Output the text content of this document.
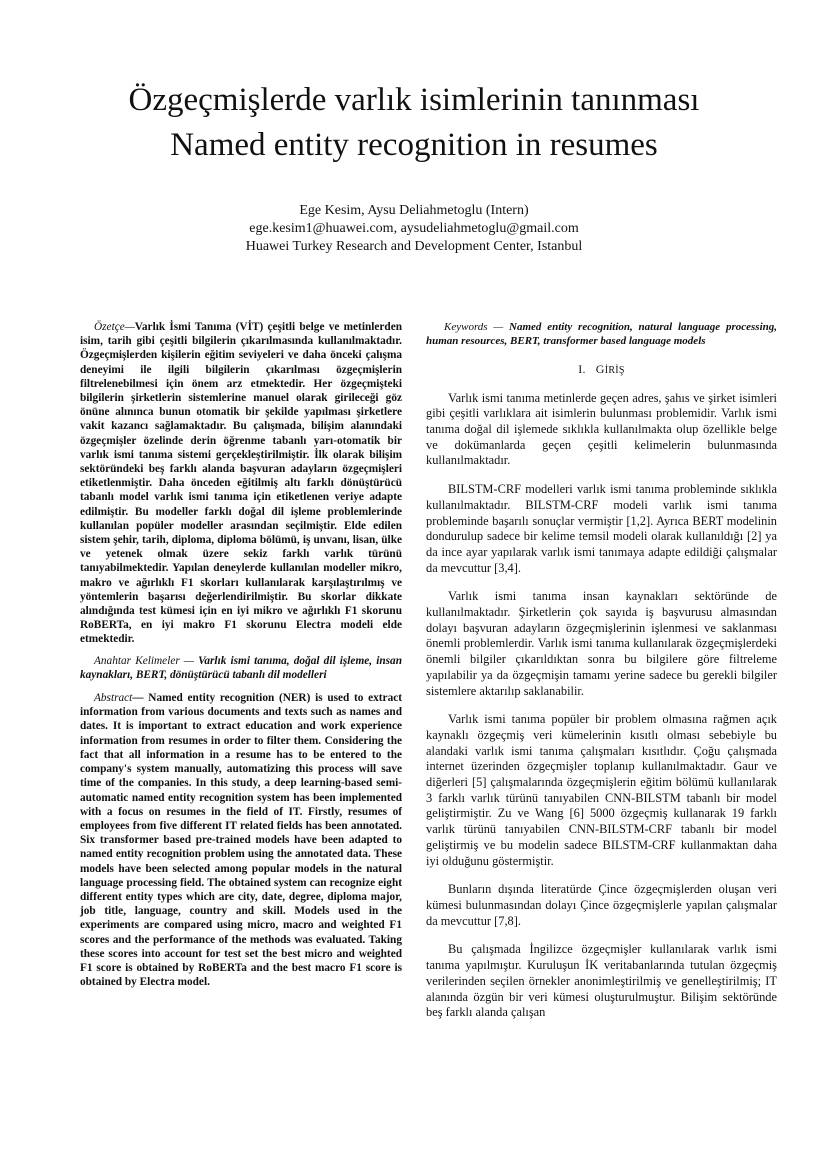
Özgeçmişlerde varlık isimlerinin tanınması
Named entity recognition in resumes
Ege Kesim, Aysu Deliahmetoglu (Intern)
ege.kesim1@huawei.com, aysudeliahmetoglu@gmail.com
Huawei Turkey Research and Development Center, Istanbul

Özetçe—Varlık İsmi Tanıma (VİT) çeşitli belge ve metinlerden isim, tarih gibi çeşitli bilgilerin çıkarılmasında kullanılmaktadır. Özgeçmişlerden kişilerin eğitim seviyeleri ve daha önceki çalışma deneyimi ile ilgili bilgilerin çıkarılması özgeçmişlerin filtrelenebilmesi için önem arz etmektedir. Her özgeçmişteki bilgilerin şirketlerin sistemlerine manuel olarak girileceği göz önüne alınınca bunun otomatik bir şekilde yapılması şirketlere vakit kazancı sağlamaktadır. Bu çalışmada, bilişim alanındaki özgeçmişler özelinde derin öğrenme tabanlı yarı-otomatik bir varlık ismi tanıma sistemi gerçekleştirilmiştir. İlk olarak bilişim sektöründeki beş farklı alanda başvuran adayların özgeçmişleri etiketlenmiştir. Daha önceden eğitilmiş altı farklı dönüştürücü tabanlı model varlık ismi tanıma için etiketlenen veriye adapte edilmiştir. Bu modeller farklı doğal dil işleme problemlerinde kullanılan popüler modeller arasından seçilmiştir. Elde edilen sistem şehir, tarih, diploma, diploma bölümü, iş unvanı, lisan, ülke ve yetenek olmak üzere sekiz farklı varlık türünü tanıyabilmektedir. Yapılan deneylerde kullanılan modeller mikro, makro ve ağırlıklı F1 skorları kullanılarak karşılaştırılmış ve yöntemlerin başarısı değerlendirilmiştir. Bu skorlar dikkate alındığında test kümesi için en iyi mikro ve ağırlıklı F1 skorunu RoBERTa, en iyi makro F1 skorunu Electra modeli elde etmektedir.

Anahtar Kelimeler — Varlık ismi tanıma, doğal dil işleme, insan kaynakları, BERT, dönüştürücü tabanlı dil modelleri

Abstract— Named entity recognition (NER) is used to extract information from various documents and texts such as names and dates. It is important to extract education and work experience information from resumes in order to filter them. Considering the fact that all information in a resume has to be entered to the company's system manually, automatizing this process will save time of the companies. In this study, a deep learning-based semi-automatic named entity recognition system has been implemented with a focus on resumes in the field of IT. Firstly, resumes of employees from five different IT related fields has been annotated. Six transformer based pre-trained models have been adapted to named entity recognition problem using the annotated data. These models have been selected among popular models in the natural language processing field. The obtained system can recognize eight different entity types which are city, date, degree, diploma major, job title, language, country and skill. Models used in the experiments are compared using micro, macro and weighted F1 scores and the performance of the methods was evaluated. Taking these scores into account for test set the best micro and weighted F1 score is obtained by RoBERTa and the best macro F1 score is obtained by Electra model.

Keywords — Named entity recognition, natural language processing, human resources, BERT, transformer based language models

I. GİRİŞ

Varlık ismi tanıma metinlerde geçen adres, şahıs ve şirket isimleri gibi çeşitli varlıklara ait isimlerin bulunması problemidir. Varlık ismi tanıma doğal dil işlemede sıklıkla kullanılmakta olup özellikle belge ve dokümanlarda geçen çeşitli kelimelerin bulunmasında kullanılmaktadır.

BILSTM-CRF modelleri varlık ismi tanıma probleminde sıklıkla kullanılmaktadır. BILSTM-CRF modeli varlık ismi tanıma probleminde başarılı sonuçlar vermiştir [1,2]. Ayrıca BERT modelinin dondurulup sadece bir kelime temsil modeli olarak kullanıldığı [2] ya da ince ayar yapılarak varlık ismi tanımaya adapte edildiği çalışmalar da mevcuttur [3,4].

Varlık ismi tanıma insan kaynakları sektöründe de kullanılmaktadır. Şirketlerin çok sayıda iş başvurusu almasından dolayı başvuran adayların özgeçmişlerinin işlenmesi ve saklanması önemli problemlerdir. Varlık ismi tanıma kullanılarak özgeçmişlerdeki önemli bilgiler çıkarıldıktan sonra bu bilgilere göre filtreleme yapılabilir ya da özgeçmişin tamamı yerine sadece bu gerekli bilgiler sistemlere aktarılıp saklanabilir.

Varlık ismi tanıma popüler bir problem olmasına rağmen açık kaynaklı özgeçmiş veri kümelerinin kısıtlı olması sebebiyle bu alandaki varlık ismi tanıma çalışmaları kısıtlıdır. Çoğu çalışmada internet üzerinden özgeçmişler toplanıp kullanılmaktadır. Gaur ve diğerleri [5] çalışmalarında özgeçmişlerin eğitim bölümü kullanılarak 3 farklı varlık türünü tanıyabilen CNN-BILSTM tabanlı bir model geliştirmiştir. Zu ve Wang [6] 5000 özgeçmiş kullanarak 19 farklı varlık türünü tanıyabilen CNN-BILSTM-CRF tabanlı bir model geliştirmiş ve bu modelin sadece BILSTM-CRF kullanmaktan daha iyi olduğunu göstermiştir.

Bunların dışında literatürde Çince özgeçmişlerden oluşan veri kümesi bulunmasından dolayı Çince özgeçmişlerle yapılan çalışmalar da mevcuttur [7,8].

Bu çalışmada İngilizce özgeçmişler kullanılarak varlık ismi tanıma yapılmıştır. Kuruluşun İK veritabanlarında tutulan özgeçmiş verilerinden seçilen örnekler anonimleştirilmiş ve genelleştirilmiş; IT alanında özgün bir veri kümesi oluşturulmuştur. Bilişim sektöründe beş farklı alanda çalışan
